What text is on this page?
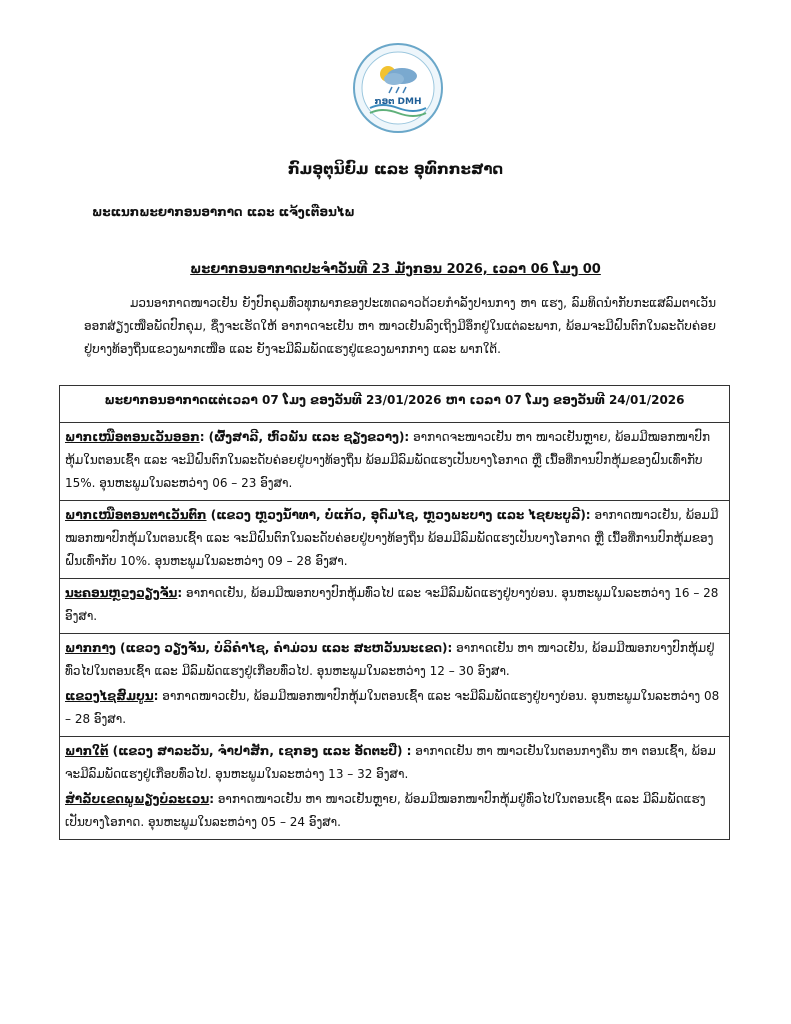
ກອຕ DMH
ກົມອຸຕຸນິຍົມ ແລະ ອຸທົກກະສາດ
ພະແນກພະຍາກອນອາກາດ ແລະ ແຈ້ງເຕືອນໄພ
ພະຍາກອນອາກາດປະຈຳວັນທີ 23 ມັງກອນ 2026, ເວລາ 06 ໂມງ 00

ມວນອາກາດໜາວເຢັນ ຍັງປົກຄຸມທົ່ວທຸກພາກຂອງປະເທດລາວດ້ວຍກຳລັງປານກາງ ຫາ ແຮງ, ລົມທິດນຳກັບກະແສລົມຕາເວັນອອກສ່ຽງເໜືອພັດປົກຄຸມ, ຊຶ່ງຈະເຮັດໃຫ້ ອາກາດຈະເຢັນ ຫາ ໜາວເຢັນລົງເຖິງມີອຶກຢູ່ໃນແຕ່ລະພາກ, ພ້ອມຈະມີຝົນຕົກໃນລະດັບຄ່ອຍຢູ່ບາງທ້ອງຖິ່ນແຂວງພາກເໜືອ ແລະ ຍັງຈະມີລົມພັດແຮງຢູ່ແຂວງພາກກາງ ແລະ ພາກໃຕ້.

ພະຍາກອນອາກາດແຕ່ເວລາ 07 ໂມງ ຂອງວັນທີ 23/01/2026 ຫາ ເວລາ 07 ໂມງ ຂອງວັນທີ 24/01/2026
ພາກເໜືອຕອນເວັນອອກ: (ຜົ້ງສາລີ, ຫົວພັນ ແລະ ຊຽງຂວາງ): ອາກາດຈະໜາວເຢັນ ຫາ ໜາວເຢັນຫຼາຍ, ພ້ອມມີໝອກໜາປົກຫຸ້ມໃນຕອນເຊົ້າ ແລະ ຈະມີຝົນຕົກໃນລະດັບຄ່ອຍຢູ່ບາງທ້ອງຖິ່ນ ພ້ອມມີລົມພັດແຮງເປັນບາງໂອກາດ ຫຼື ເນື້ອທີ່ການປົກຫຸ້ມຂອງຝົນເທົ່າກັບ 15%. ອຸນຫະພູມໃນລະຫວ່າງ 06 – 23 ອົງສາ.
ພາກເໜືອຕອນຕາເວັນຕົກ (ແຂວງ ຫຼວງນ້ຳທາ, ບໍ່ແກ້ວ, ອຸດົມໄຊ, ຫຼວງພະບາງ ແລະ ໄຊຍະບູລີ): ອາກາດໜາວເຢັນ, ພ້ອມມີໝອກໜາປົກຫຸ້ມໃນຕອນເຊົ້າ ແລະ ຈະມີຝົນຕົກໃນລະດັບຄ່ອຍຢູ່ບາງທ້ອງຖິ່ນ ພ້ອມມີລົມພັດແຮງເປັນບາງໂອກາດ ຫຼື ເນື້ອທີ່ການປົກຫຸ້ມຂອງຝົນເທົ່າກັບ 10%. ອຸນຫະພູມໃນລະຫວ່າງ 09 – 28 ອົງສາ.
ນະຄອນຫຼວງວຽງຈັນ: ອາກາດເຢັນ, ພ້ອມມີໝອກບາງປົກຫຸ້ມທົ່ວໄປ ແລະ ຈະມີລົມພັດແຮງຢູ່ບາງບ່ອນ. ອຸນຫະພູມໃນລະຫວ່າງ 16 – 28 ອົງສາ.

ພາກກາງ (ແຂວງ ວຽງຈັນ, ບໍລິຄຳໄຊ, ຄຳມ່ວນ ແລະ ສະຫວັນນະເຂດ): ອາກາດເຢັນ ຫາ ໜາວເຢັນ, ພ້ອມມີໝອກບາງປົກຫຸ້ມຢູ່ທົ່ວໄປໃນຕອນເຊົ້າ ແລະ ມີລົມພັດແຮງຢູ່ເກືອບທົ່ວໄປ. ອຸນຫະພູມໃນລະຫວ່າງ 12 – 30 ອົງສາ.
ແຂວງໄຊສົມບູນ: ອາກາດໜາວເຢັນ, ພ້ອມມີໝອກໜາປົກຫຸ້ມໃນຕອນເຊົ້າ ແລະ ຈະມີລົມພັດແຮງຢູ່ບາງບ່ອນ. ອຸນຫະພູມໃນລະຫວ່າງ 08 – 28 ອົງສາ.

ພາກໃຕ້ (ແຂວງ ສາລະວັນ, ຈຳປາສັກ, ເຊກອງ ແລະ ອັດຕະປື) : ອາກາດເຢັນ ຫາ ໜາວເຢັນໃນຕອນກາງຄືນ ຫາ ຕອນເຊົ້າ, ພ້ອມຈະມີລົມພັດແຮງຢູ່ເກືອບທົ່ວໄປ. ອຸນຫະພູມໃນລະຫວ່າງ 13 – 32 ອົງສາ.
ສຳລັບເຂດພູພຽງບໍລະເວນ: ອາກາດໜາວເຢັນ ຫາ ໜາວເຢັນຫຼາຍ, ພ້ອມມີໝອກໜາປົກຫຸ້ມຢູ່ທົ່ວໄປໃນຕອນເຊົ້າ ແລະ ມີລົມພັດແຮງເປັນບາງໂອກາດ. ອຸນຫະພູມໃນລະຫວ່າງ 05 – 24 ອົງສາ.
